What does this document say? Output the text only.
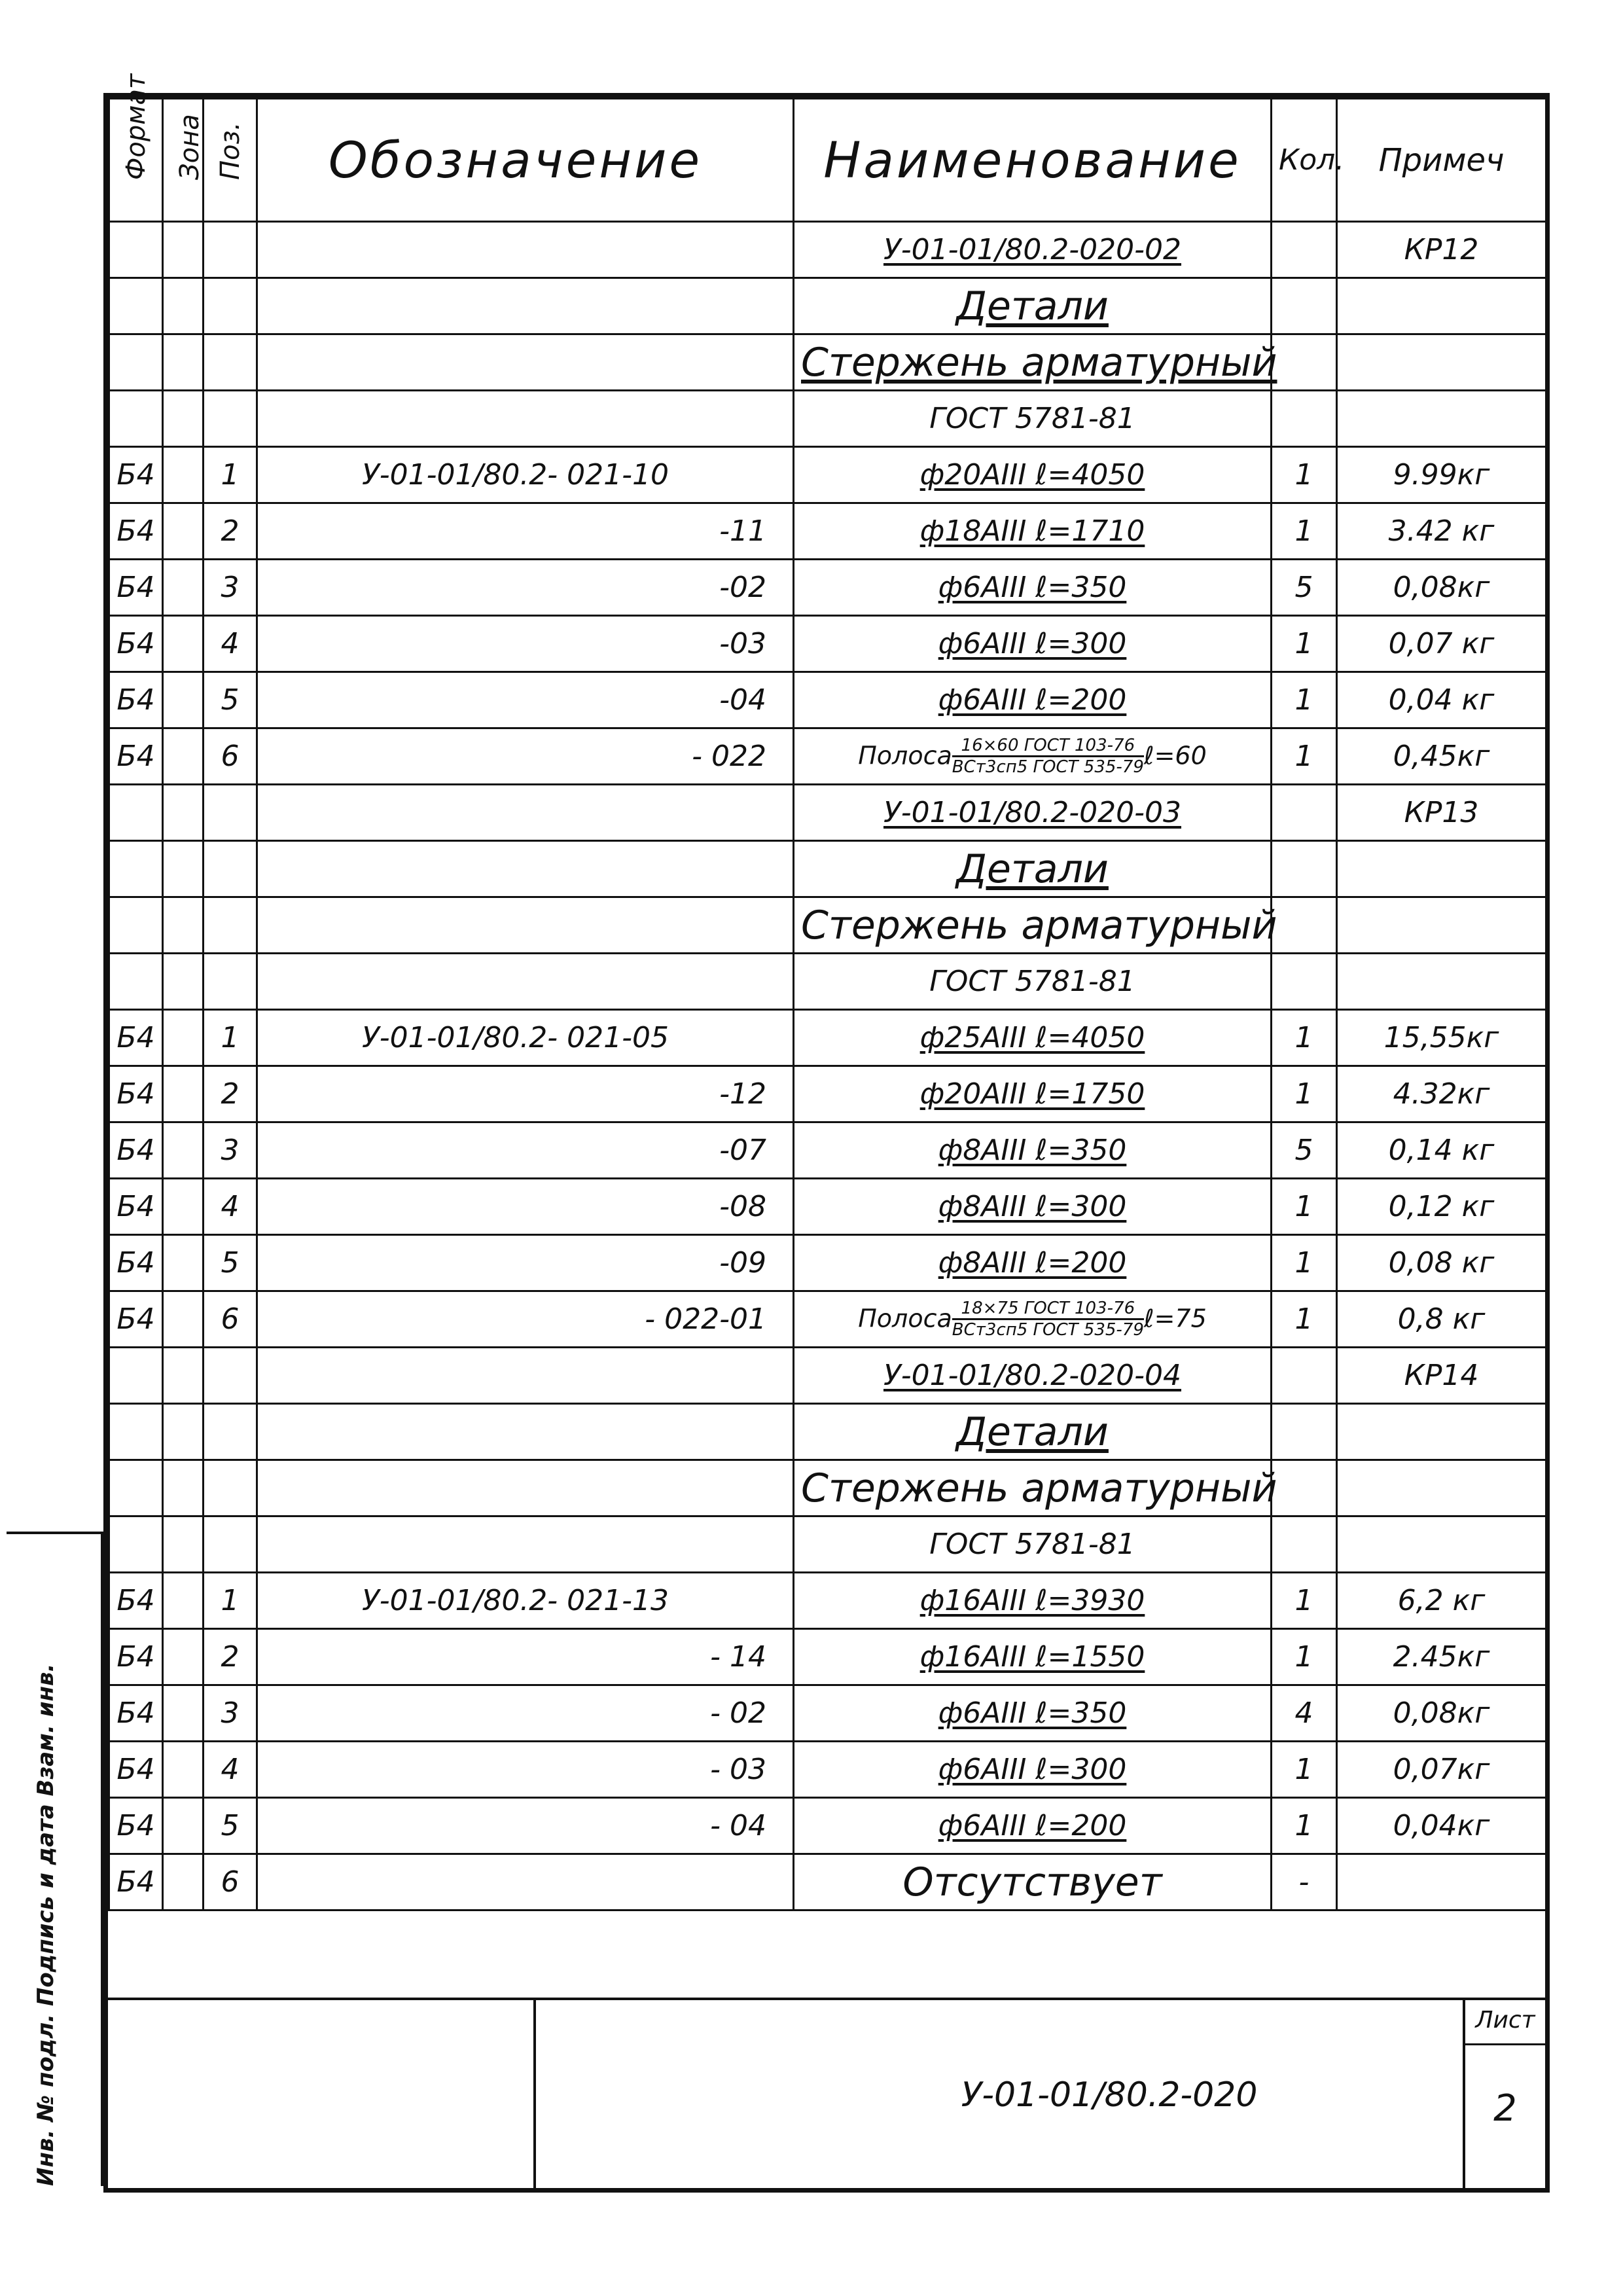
Формат	Зона	Поз.	Обозначение	Наименование	Кол.	Примеч
				У-01-01/80.2-020-02		КР12
				Детали		
				Стержень арматурный		
				ГОСТ 5781-81		
Б4		1	У-01-01/80.2- 021-10	ф20АIII ℓ=4050	1	9.99кг
Б4		2	-11	ф18АIII ℓ=1710	1	3.42 кг
Б4		3	-02	ф6АIII ℓ=350	5	0,08кг
Б4		4	-03	ф6АIII ℓ=300	1	0,07 кг
Б4		5	-04	ф6АIII ℓ=200	1	0,04 кг
Б4		6	- 022	Полоса $\frac{\text{16×60 ГОСТ 103-76}}{\text{ВСт3сп5 ГОСТ 535-79}}$ ℓ=60	1	0,45кг
				У-01-01/80.2-020-03		КР13
				Детали		
				Стержень арматурный		
				ГОСТ 5781-81		
Б4		1	У-01-01/80.2- 021-05	ф25АIII ℓ=4050	1	15,55кг
Б4		2	-12	ф20АIII ℓ=1750	1	4.32кг
Б4		3	-07	ф8АIII ℓ=350	5	0,14 кг
Б4		4	-08	ф8АIII ℓ=300	1	0,12 кг
Б4		5	-09	ф8АIII ℓ=200	1	0,08 кг
Б4		6	- 022-01	Полоса $\frac{\text{18×75 ГОСТ 103-76}}{\text{ВСт3сп5 ГОСТ 535-79}}$ ℓ=75	1	0,8 кг
				У-01-01/80.2-020-04		КР14
				Детали		
				Стержень арматурный		
				ГОСТ 5781-81		
Б4		1	У-01-01/80.2- 021-13	ф16АIII ℓ=3930	1	6,2 кг
Б4		2	- 14	ф16АIII ℓ=1550	1	2.45кг
Б4		3	- 02	ф6АIII ℓ=350	4	0,08кг
Б4		4	- 03	ф6АIII ℓ=300	1	0,07кг
Б4		5	- 04	ф6АIII ℓ=200	1	0,04кг
Б4		6		Отсутствует	-	
У-01-01/80.2-020
Лист
2
Инв. № подл. Подпись и дата Взам. инв.
